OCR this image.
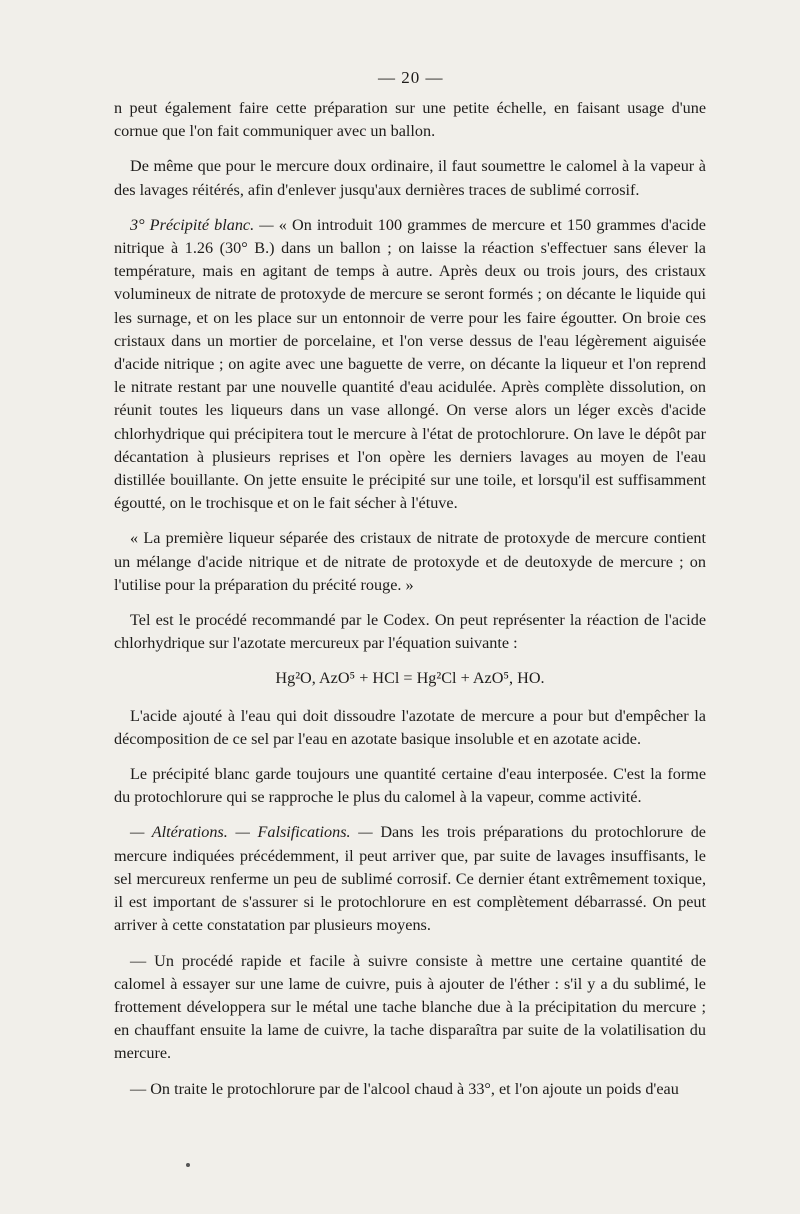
— 20 —

n peut également faire cette préparation sur une petite échelle, en faisant usage d'une cornue que l'on fait communiquer avec un ballon.

De même que pour le mercure doux ordinaire, il faut soumettre le calomel à la vapeur à des lavages réitérés, afin d'enlever jusqu'aux dernières traces de sublimé corrosif.

3° Précipité blanc. — « On introduit 100 grammes de mercure et 150 grammes d'acide nitrique à 1.26 (30° B.) dans un ballon ; on laisse la réaction s'effectuer sans élever la température, mais en agitant de temps à autre. Après deux ou trois jours, des cristaux volumineux de nitrate de protoxyde de mercure se seront formés ; on décante le liquide qui les surnage, et on les place sur un entonnoir de verre pour les faire égoutter. On broie ces cristaux dans un mortier de porcelaine, et l'on verse dessus de l'eau légèrement aiguisée d'acide nitrique ; on agite avec une baguette de verre, on décante la liqueur et l'on reprend le nitrate restant par une nouvelle quantité d'eau acidulée. Après complète dissolution, on réunit toutes les liqueurs dans un vase allongé. On verse alors un léger excès d'acide chlorhydrique qui précipitera tout le mercure à l'état de protochlorure. On lave le dépôt par décantation à plusieurs reprises et l'on opère les derniers lavages au moyen de l'eau distillée bouillante. On jette ensuite le précipité sur une toile, et lorsqu'il est suffisamment égoutté, on le trochisque et on le fait sécher à l'étuve.

« La première liqueur séparée des cristaux de nitrate de protoxyde de mercure contient un mélange d'acide nitrique et de nitrate de protoxyde et de deutoxyde de mercure ; on l'utilise pour la préparation du précité rouge. »

Tel est le procédé recommandé par le Codex. On peut représenter la réaction de l'acide chlorhydrique sur l'azotate mercureux par l'équation suivante :

Hg²O, AzO⁵ + HCl = Hg²Cl + AzO⁵, HO.

L'acide ajouté à l'eau qui doit dissoudre l'azotate de mercure a pour but d'empêcher la décomposition de ce sel par l'eau en azotate basique insoluble et en azotate acide.

Le précipité blanc garde toujours une quantité certaine d'eau interposée. C'est la forme du protochlorure qui se rapproche le plus du calomel à la vapeur, comme activité.

— Altérations. — Falsifications. — Dans les trois préparations du protochlorure de mercure indiquées précédemment, il peut arriver que, par suite de lavages insuffisants, le sel mercureux renferme un peu de sublimé corrosif. Ce dernier étant extrêmement toxique, il est important de s'assurer si le protochlorure en est complètement débarrassé. On peut arriver à cette constatation par plusieurs moyens.

— Un procédé rapide et facile à suivre consiste à mettre une certaine quantité de calomel à essayer sur une lame de cuivre, puis à ajouter de l'éther : s'il y a du sublimé, le frottement développera sur le métal une tache blanche due à la précipitation du mercure ; en chauffant ensuite la lame de cuivre, la tache disparaîtra par suite de la volatilisation du mercure.

— On traite le protochlorure par de l'alcool chaud à 33°, et l'on ajoute un poids d'eau
